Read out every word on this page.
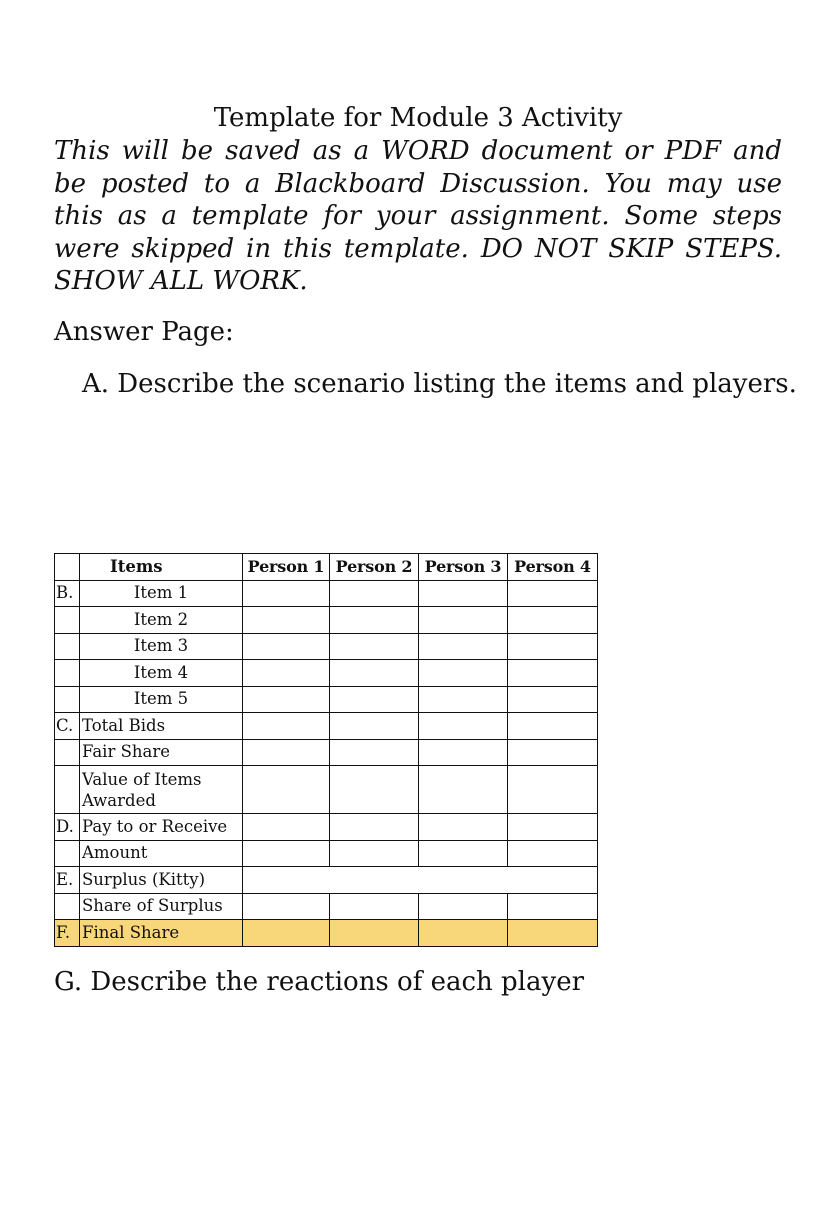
Template for Module 3 Activity

This will be saved as a WORD document or PDF and be posted to a Blackboard Discussion. You may use this as a template for your assignment. Some steps were skipped in this template. DO NOT SKIP STEPS. SHOW ALL WORK.

Answer Page:
A. Describe the scenario listing the items and players.
	Items	Person 1	Person 2	Person 3	Person 4
B.	Item 1				
	Item 2				
	Item 3				
	Item 4				
	Item 5				
C.	Total Bids				
	Fair Share				
	Value of Items Awarded				
D.	Pay to or Receive				
	Amount				
E.	Surplus (Kitty)				
	Share of Surplus				
F.	Final Share				
G. Describe the reactions of each player
